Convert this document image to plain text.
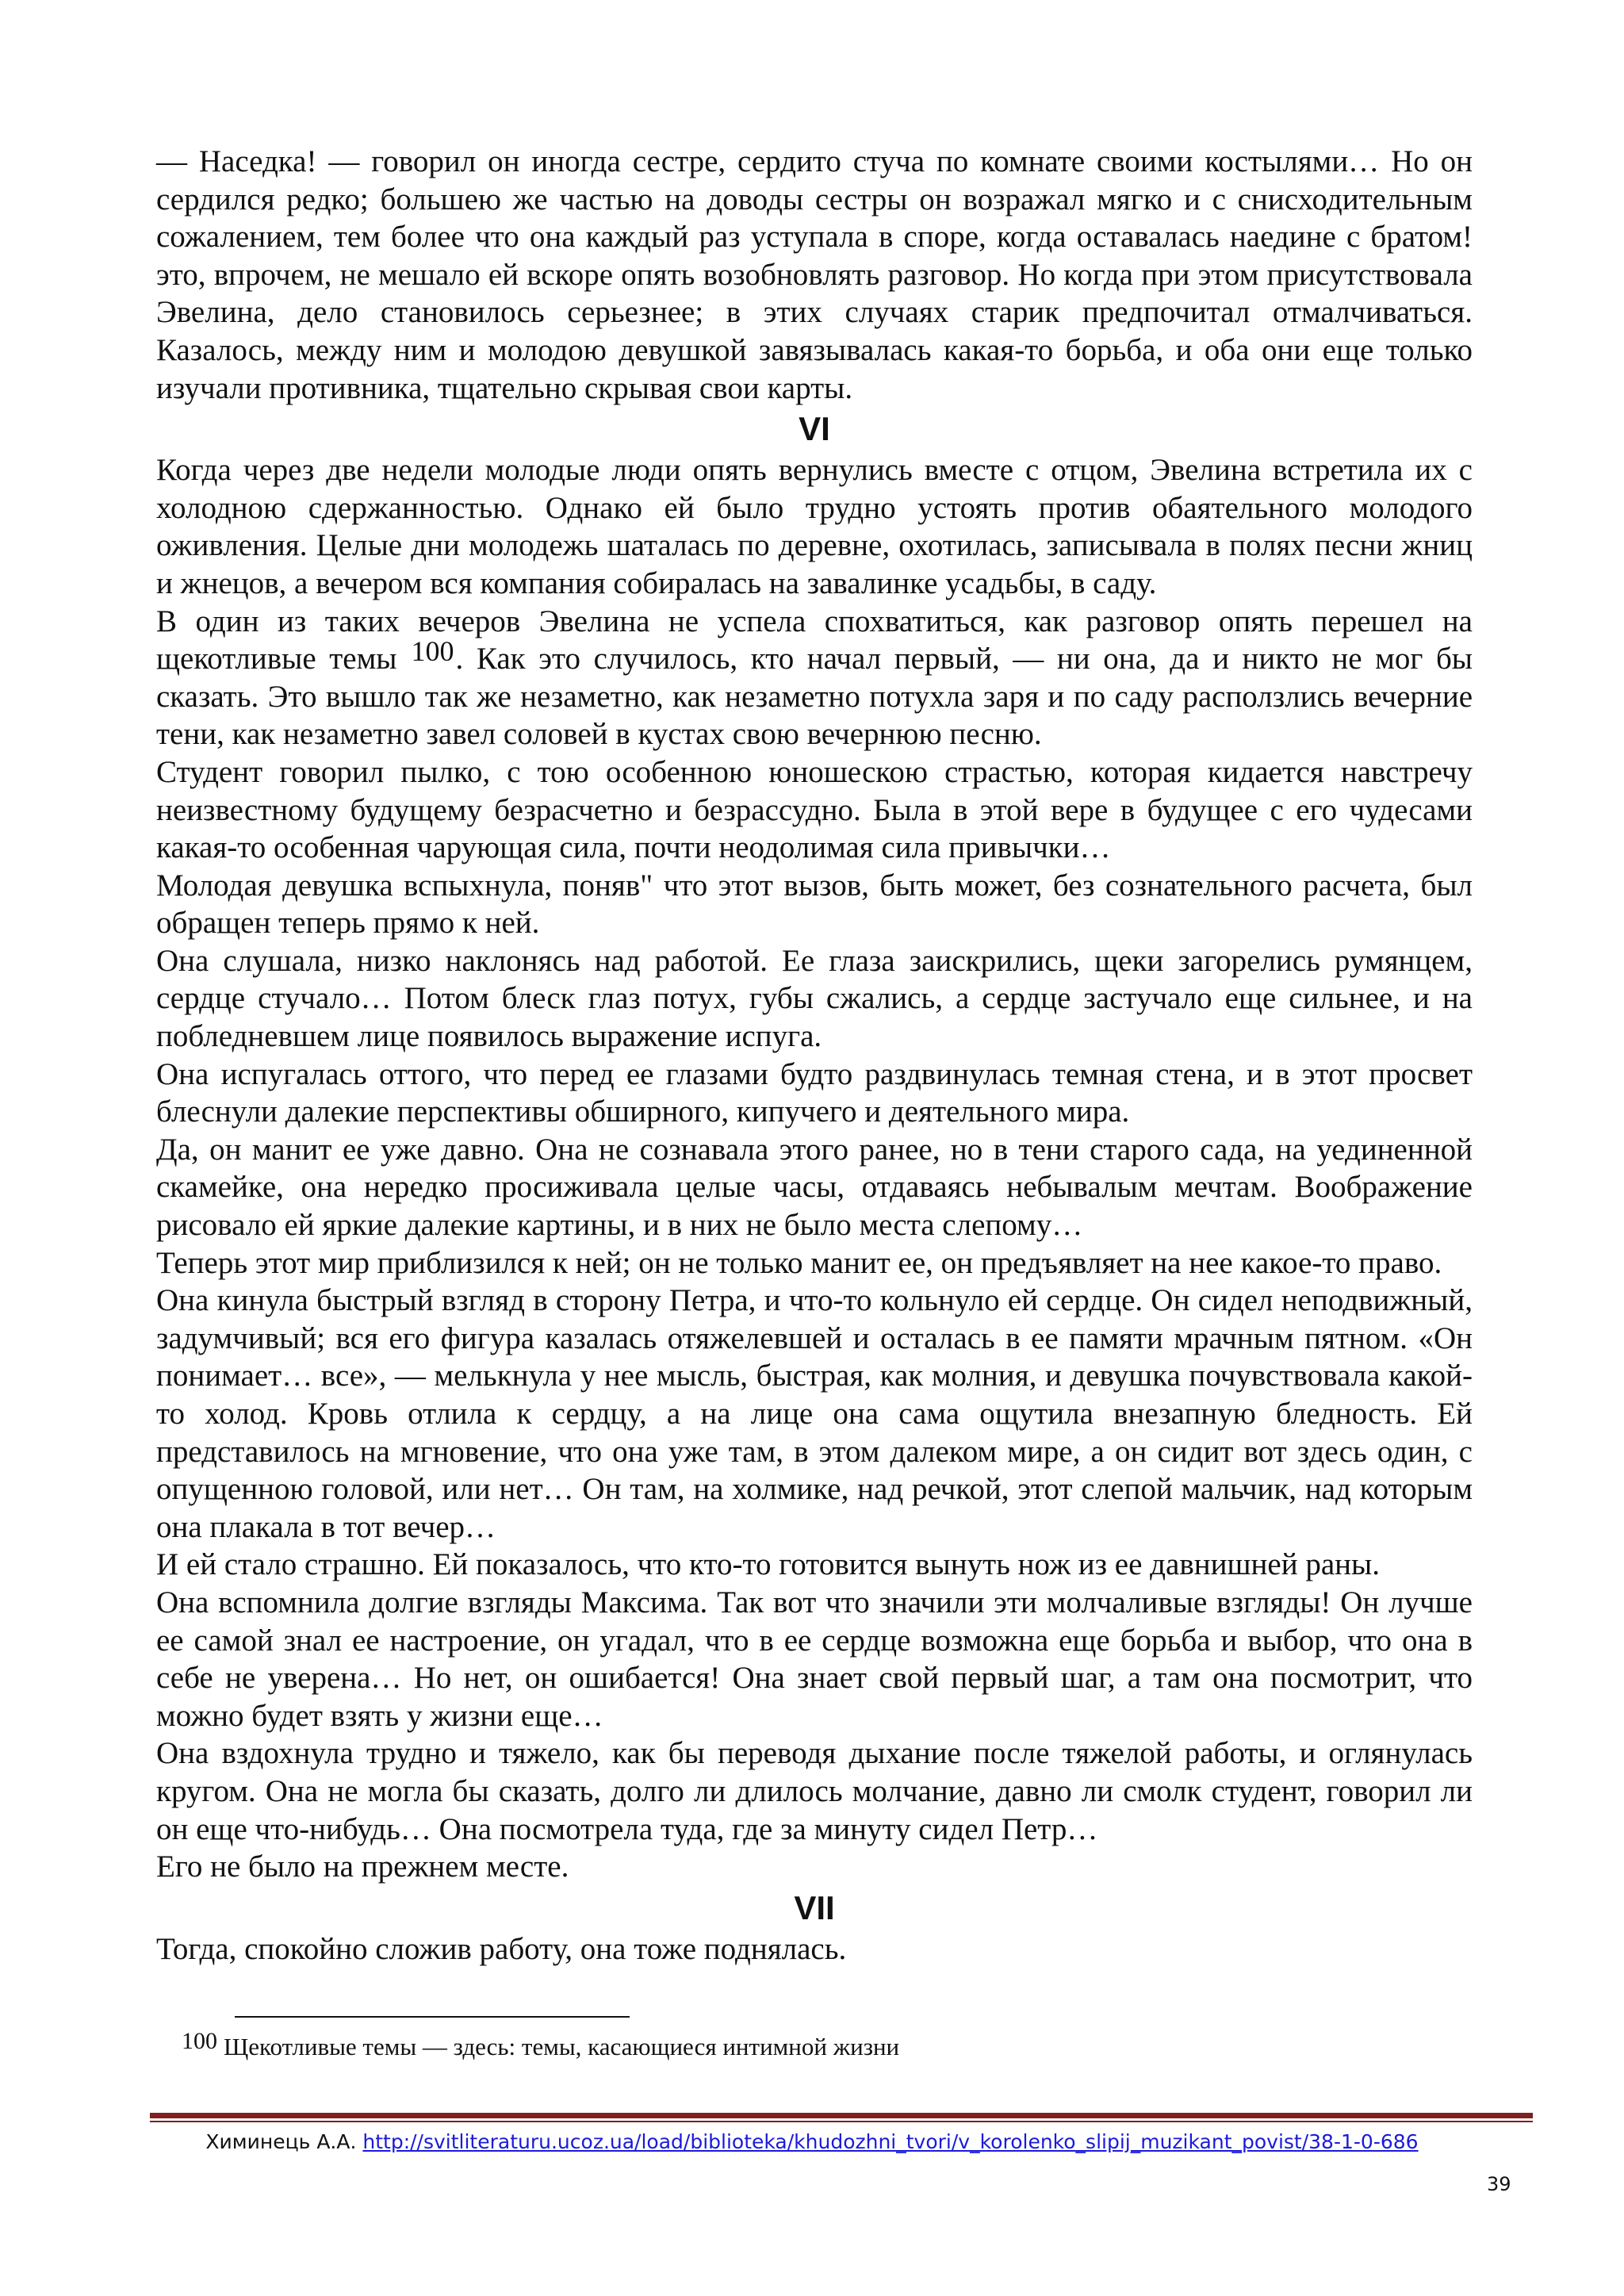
— Наседка! — говорил он иногда сестре, сердито стуча по комнате своими костылями… Но он сердился редко; большею же частью на доводы сестры он возражал мягко и с снисходительным сожалением, тем более что она каждый раз уступала в споре, когда оставалась наедине с братом! это, впрочем, не мешало ей вскоре опять возобновлять разговор. Но когда при этом присутствовала Эвелина, дело становилось серьезнее; в этих случаях старик предпочитал отмалчиваться. Казалось, между ним и молодою девушкой завязывалась какая-то борьба, и оба они еще только изучали противника, тщательно скрывая свои карты.

VI

Когда через две недели молодые люди опять вернулись вместе с отцом, Эвелина встретила их с холодною сдержанностью. Однако ей было трудно устоять против обаятельного молодого оживления. Целые дни молодежь шаталась по деревне, охотилась, записывала в полях песни жниц и жнецов, а вечером вся компания собиралась на завалинке усадьбы, в саду.

В один из таких вечеров Эвелина не успела спохватиться, как разговор опять перешел на щекотливые темы 100. Как это случилось, кто начал первый, — ни она, да и никто не мог бы сказать. Это вышло так же незаметно, как незаметно потухла заря и по саду расползлись вечерние тени, как незаметно завел соловей в кустах свою вечернюю песню.

Студент говорил пылко, с тою особенною юношескою страстью, которая кидается навстречу неизвестному будущему безрасчетно и безрассудно. Была в этой вере в будущее с его чудесами какая-то особенная чарующая сила, почти неодолимая сила привычки…

Молодая девушка вспыхнула, поняв" что этот вызов, быть может, без сознательного расчета, был обращен теперь прямо к ней.

Она слушала, низко наклонясь над работой. Ее глаза заискрились, щеки загорелись румянцем, сердце стучало… Потом блеск глаз потух, губы сжались, а сердце застучало еще сильнее, и на побледневшем лице появилось выражение испуга.

Она испугалась оттого, что перед ее глазами будто раздвинулась темная стена, и в этот просвет блеснули далекие перспективы обширного, кипучего и деятельного мира.

Да, он манит ее уже давно. Она не сознавала этого ранее, но в тени старого сада, на уединенной скамейке, она нередко просиживала целые часы, отдаваясь небывалым мечтам. Воображение рисовало ей яркие далекие картины, и в них не было места слепому…

Теперь этот мир приблизился к ней; он не только манит ее, он предъявляет на нее какое-то право.

Она кинула быстрый взгляд в сторону Петра, и что-то кольнуло ей сердце. Он сидел неподвижный, задумчивый; вся его фигура казалась отяжелевшей и осталась в ее памяти мрачным пятном. «Он понимает… все», — мелькнула у нее мысль, быстрая, как молния, и девушка почувствовала какой-то холод. Кровь отлила к сердцу, а на лице она сама ощутила внезапную бледность. Ей представилось на мгновение, что она уже там, в этом далеком мире, а он сидит вот здесь один, с опущенною головой, или нет… Он там, на холмике, над речкой, этот слепой мальчик, над которым она плакала в тот вечер…

И ей стало страшно. Ей показалось, что кто-то готовится вынуть нож из ее давнишней раны.

Она вспомнила долгие взгляды Максима. Так вот что значили эти молчаливые взгляды! Он лучше ее самой знал ее настроение, он угадал, что в ее сердце возможна еще борьба и выбор, что она в себе не уверена… Но нет, он ошибается! Она знает свой первый шаг, а там она посмотрит, что можно будет взять у жизни еще…

Она вздохнула трудно и тяжело, как бы переводя дыхание после тяжелой работы, и оглянулась кругом. Она не могла бы сказать, долго ли длилось молчание, давно ли смолк студент, говорил ли он еще что-нибудь… Она посмотрела туда, где за минуту сидел Петр…

Его не было на прежнем месте.

VII

Тогда, спокойно сложив работу, она тоже поднялась.

100 Щекотливые темы — здесь: темы, касающиеся интимной жизни
Химинець А.А. http://svitliteraturu.ucoz.ua/load/biblioteka/khudozhni_tvori/v_korolenko_slipij_muzikant_povist/38-1-0-686
39
